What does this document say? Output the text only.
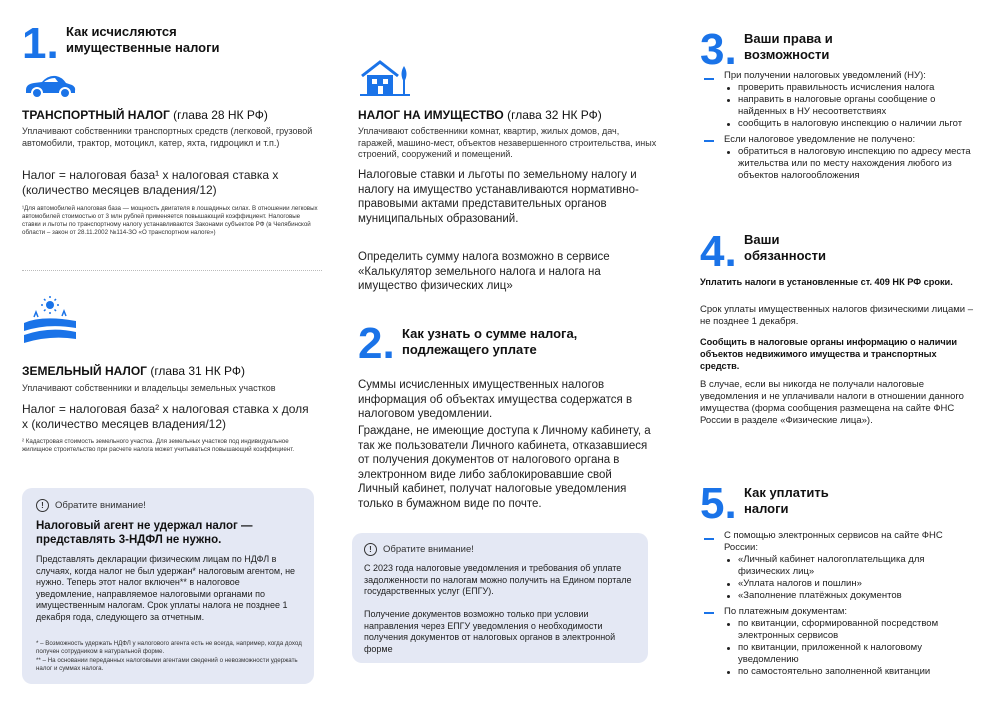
1. Как исчисляются имущественные налоги
ТРАНСПОРТНЫЙ НАЛОГ (глава 28 НК РФ)
Уплачивают собственники транспортных средств (легковой, грузовой автомобили, трактор, мотоцикл, катер, яхта, гидроцикл и т.п.)
Налог = налоговая база¹ х налоговая ставка х (количество месяцев владения/12)
¹Для автомобилей налоговая база — мощность двигателя в лошадиных силах. В отношении легковых автомобилей стоимостью от 3 млн рублей применяется повышающий коэффициент. Налоговые ставки и льготы по транспортному налогу устанавливаются Законами субъектов РФ (в Челябинской области – закон от 28.11.2002 №114-ЗО «О транспортном налоге»)
ЗЕМЕЛЬНЫЙ НАЛОГ (глава 31 НК РФ)
Уплачивают собственники и владельцы земельных участков
Налог = налоговая база² х налоговая ставка х доля х (количество месяцев владения/12)
² Кадастровая стоимость земельного участка. Для земельных участков под индивидуальное жилищное строительство при расчете налога может учитываться повышающий коэффициент.
!	Обратите внимание!
Налоговый агент не удержал налог — представлять 3-НДФЛ не нужно.
Представлять декларации физическим лицам по НДФЛ в случаях, когда налог не был удержан* налоговым агентом, не нужно. Теперь этот налог включен** в налоговое уведомление, направляемое налоговыми органами по имущественным налогам. Срок уплаты налога не позднее 1 декабря года, следующего за отчетным.
* – Возможность удержать НДФЛ у налогового агента есть не всегда, например, когда доход получен сотрудником в натуральной форме.
** – На основании переданных налоговыми агентами сведений о невозможности удержать налог и суммах налога.
НАЛОГ НА ИМУЩЕСТВО (глава 32 НК РФ)
Уплачивают собственники комнат, квартир, жилых домов, дач, гаражей, машино-мест, объектов незавершенного строительства, иных строений, сооружений и помещений.
Налоговые ставки и льготы по земельному налогу и налогу на имущество устанавливаются нормативно-правовыми актами представительных органов муниципальных образований.
Определить сумму налога возможно в сервисе «Калькулятор земельного налога и налога на имущество физических лиц»
2. Как узнать о сумме налога, подлежащего уплате
Суммы исчисленных имущественных налогов информация об объектах имущества содержатся в налоговом уведомлении.
Граждане, не имеющие доступа к Личному кабинету, а так же пользователи Личного кабинета, отказавшиеся от получения документов от налогового органа в электронном виде либо заблокировавшие свой Личный кабинет, получат налоговые уведомления только в бумажном виде по почте.
!	Обратите внимание!
С 2023 года налоговые уведомления и требования об уплате задолженности по налогам можно получить на Едином портале государственных услуг (ЕПГУ).
Получение документов возможно только при условии направления через ЕПГУ уведомления о необходимости получения документов от налоговых органов в электронной форме
3. Ваши права и возможности
При получении налоговых уведомлений (НУ):
проверить правильность исчисления налога
направить в налоговые органы сообщение о найденных в НУ несоответствиях
сообщить в налоговую инспекцию о наличии льгот
Если налоговое уведомление не получено:
обратиться в налоговую инспекцию по адресу места жительства или по месту нахождения любого из объектов налогообложения
4. Ваши обязанности
Уплатить налоги в установленные ст. 409 НК РФ сроки.
Срок уплаты имущественных налогов физическими лицами – не позднее 1 декабря.
Сообщить в налоговые органы информацию о наличии объектов недвижимого имущества и транспортных средств.
В случае, если вы никогда не получали налоговые уведомления и не уплачивали налоги в отношении данного имущества (форма сообщения размещена на сайте ФНС России в разделе «Физические лица»).
5. Как уплатить налоги
С помощью электронных сервисов на сайте ФНС России:
«Личный кабинет налогоплательщика для физических лиц»
«Уплата налогов и пошлин»
«Заполнение платёжных документов
По платежным документам:
по квитанции, сформированной посредством электронных сервисов
по квитанции, приложенной к налоговому уведомлению
по самостоятельно заполненной квитанции
